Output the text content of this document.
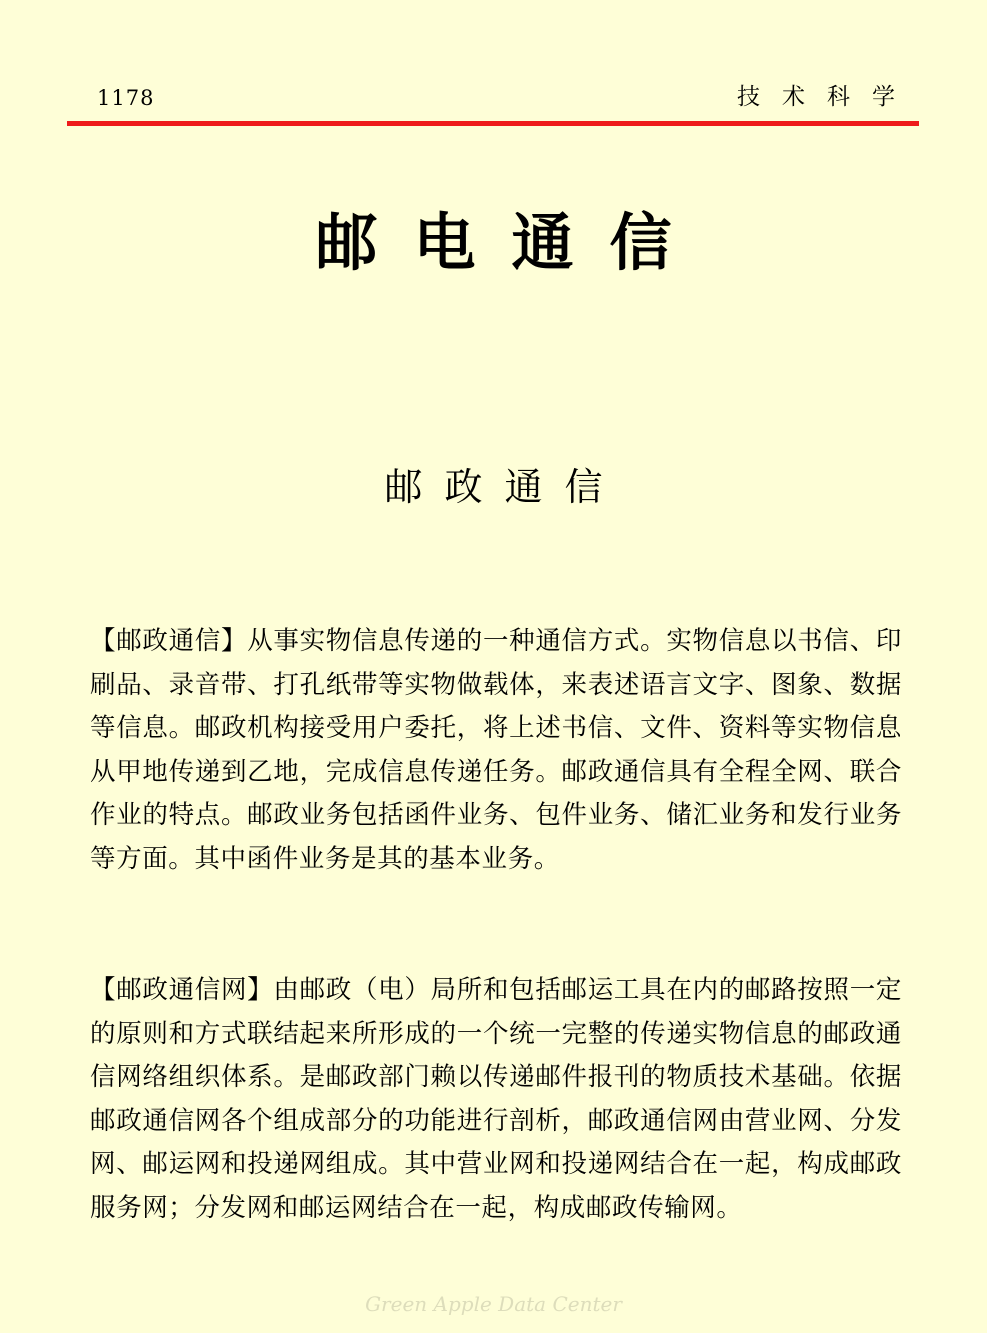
1178	技术科学
邮电通信
邮政通信

【邮政通信】从事实物信息传递的一种通信方式。实物信息以书信、印刷品、录音带、打孔纸带等实物做载体，来表述语言文字、图象、数据等信息。邮政机构接受用户委托，将上述书信、文件、资料等实物信息从甲地传递到乙地，完成信息传递任务。邮政通信具有全程全网、联合作业的特点。邮政业务包括函件业务、包件业务、储汇业务和发行业务等方面。其中函件业务是其的基本业务。

【邮政通信网】由邮政（电）局所和包括邮运工具在内的邮路按照一定的原则和方式联结起来所形成的一个统一完整的传递实物信息的邮政通信网络组织体系。是邮政部门赖以传递邮件报刊的物质技术基础。依据邮政通信网各个组成部分的功能进行剖析，邮政通信网由营业网、分发网、邮运网和投递网组成。其中营业网和投递网结合在一起，构成邮政服务网；分发网和邮运网结合在一起，构成邮政传输网。

Green Apple Data Center
